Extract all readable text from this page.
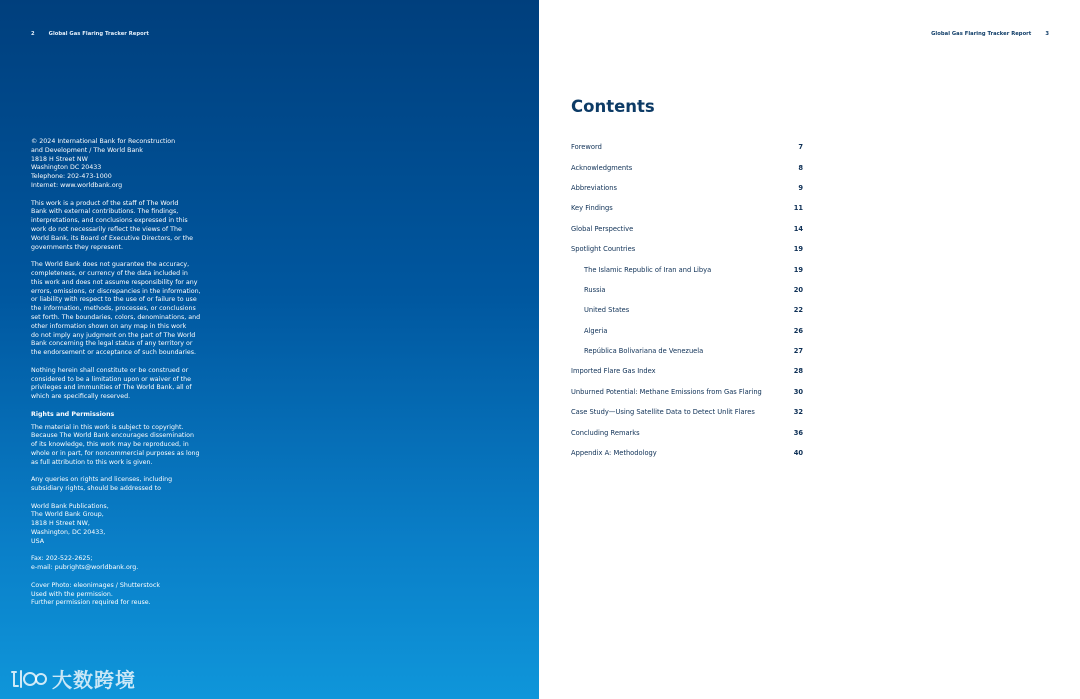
2	Global Gas Flaring Tracker Report

© 2024 International Bank for Reconstruction
and Development / The World Bank
1818 H Street NW
Washington DC 20433
Telephone: 202-473-1000
Internet: www.worldbank.org

This work is a product of the staff of The World
Bank with external contributions. The findings,
interpretations, and conclusions expressed in this
work do not necessarily reflect the views of The
World Bank, its Board of Executive Directors, or the
governments they represent.

The World Bank does not guarantee the accuracy,
completeness, or currency of the data included in
this work and does not assume responsibility for any
errors, omissions, or discrepancies in the information,
or liability with respect to the use of or failure to use
the information, methods, processes, or conclusions
set forth. The boundaries, colors, denominations, and
other information shown on any map in this work
do not imply any judgment on the part of The World
Bank concerning the legal status of any territory or
the endorsement or acceptance of such boundaries.

Nothing herein shall constitute or be construed or
considered to be a limitation upon or waiver of the
privileges and immunities of The World Bank, all of
which are specifically reserved.

Rights and Permissions

The material in this work is subject to copyright.
Because The World Bank encourages dissemination
of its knowledge, this work may be reproduced, in
whole or in part, for noncommercial purposes as long
as full attribution to this work is given.

Any queries on rights and licenses, including
subsidiary rights, should be addressed to

World Bank Publications,
The World Bank Group,
1818 H Street NW,
Washington, DC 20433,
USA

Fax: 202-522-2625;
e-mail: pubrights@worldbank.org.

Cover Photo: eleonimages / Shutterstock
Used with the permission.
Further permission required for reuse.

大数跨境
Global Gas Flaring Tracker Report	3
Contents
Foreword	7
Acknowledgments	8
Abbreviations	9
Key Findings	11
Global Perspective	14
Spotlight Countries	19
The Islamic Republic of Iran and Libya	19
Russia	20
United States	22
Algeria	26
República Bolivariana de Venezuela	27
Imported Flare Gas Index	28
Unburned Potential: Methane Emissions from Gas Flaring	30
Case Study—Using Satellite Data to Detect Unlit Flares	32
Concluding Remarks	36
Appendix A: Methodology	40
